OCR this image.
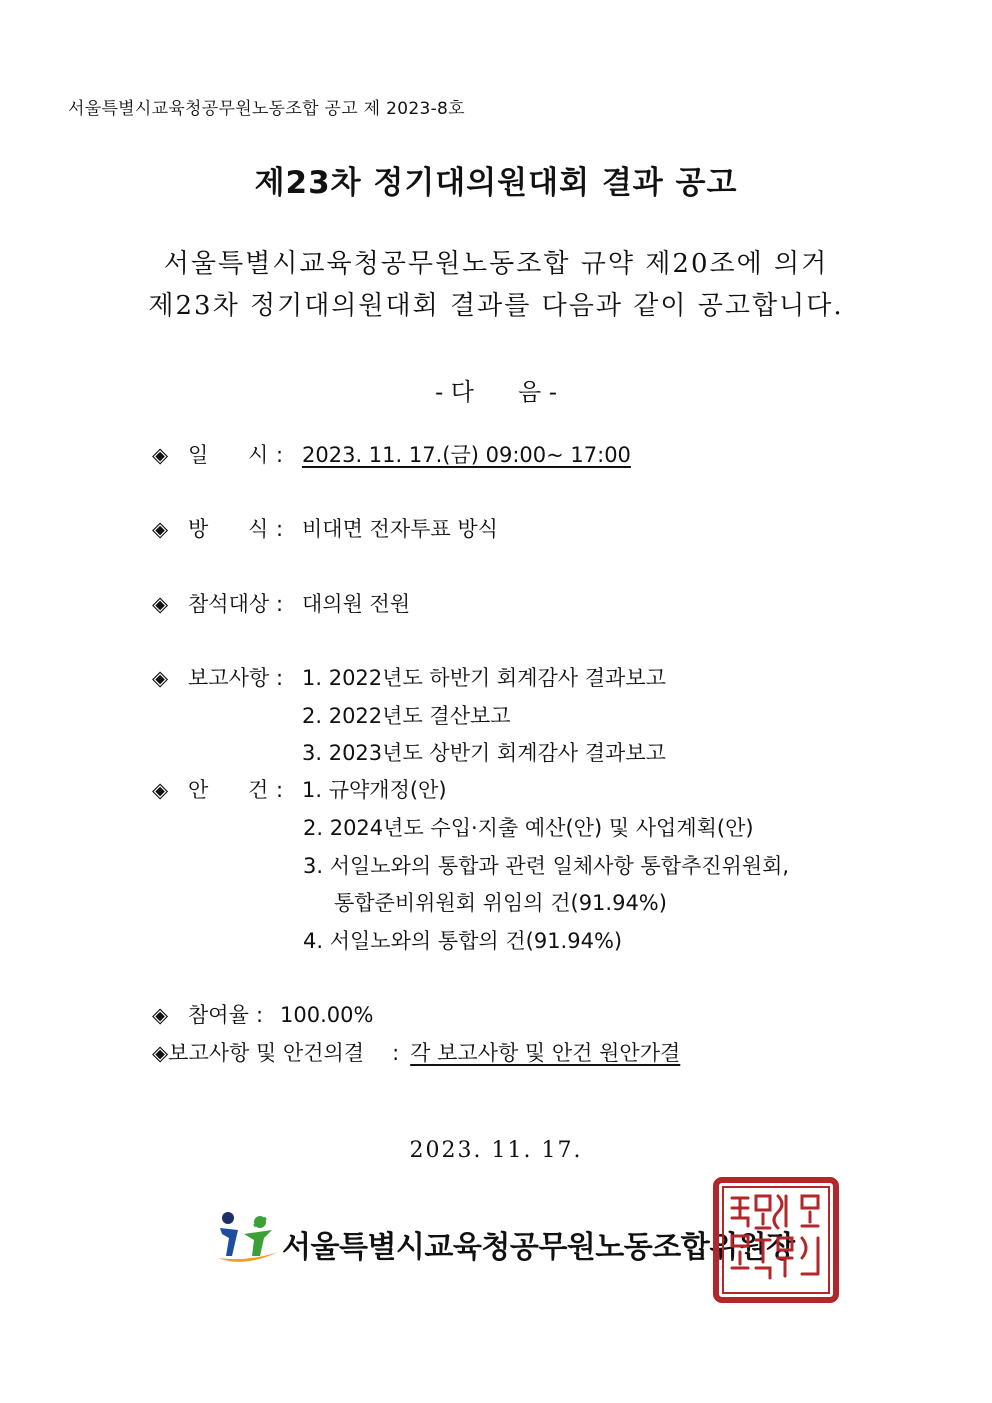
서울특별시교육청공무원노동조합 공고 제 2023-8호
제23차 정기대의원대회 결과 공고
서울특별시교육청공무원노동조합 규약 제20조에 의거
제23차 정기대의원대회 결과를 다음과 같이 공고합니다.
- 다 음 -
◈ 일 시 : 2023. 11. 17.(금) 09:00~ 17:00
◈ 방 식 : 비대면 전자투표 방식
◈ 참석대상 : 대의원 전원
◈ 보고사항 : 1. 2022년도 하반기 회계감사 결과보고
2. 2022년도 결산보고
3. 2023년도 상반기 회계감사 결과보고
◈ 안 건 : 1. 규약개정(안)
2. 2024년도 수입·지출 예산(안) 및 사업계획(안)
3. 서일노와의 통합과 관련 일체사항 통합추진위원회,
통합준비위원회 위임의 건(91.94%)
4. 서일노와의 통합의 건(91.94%)
◈ 참여율 : 100.00%
◈보고사항 및 안건의결 : 각 보고사항 및 안건 원안가결
2023. 11. 17.
서울특별시교육청공무원노동조합위원장
